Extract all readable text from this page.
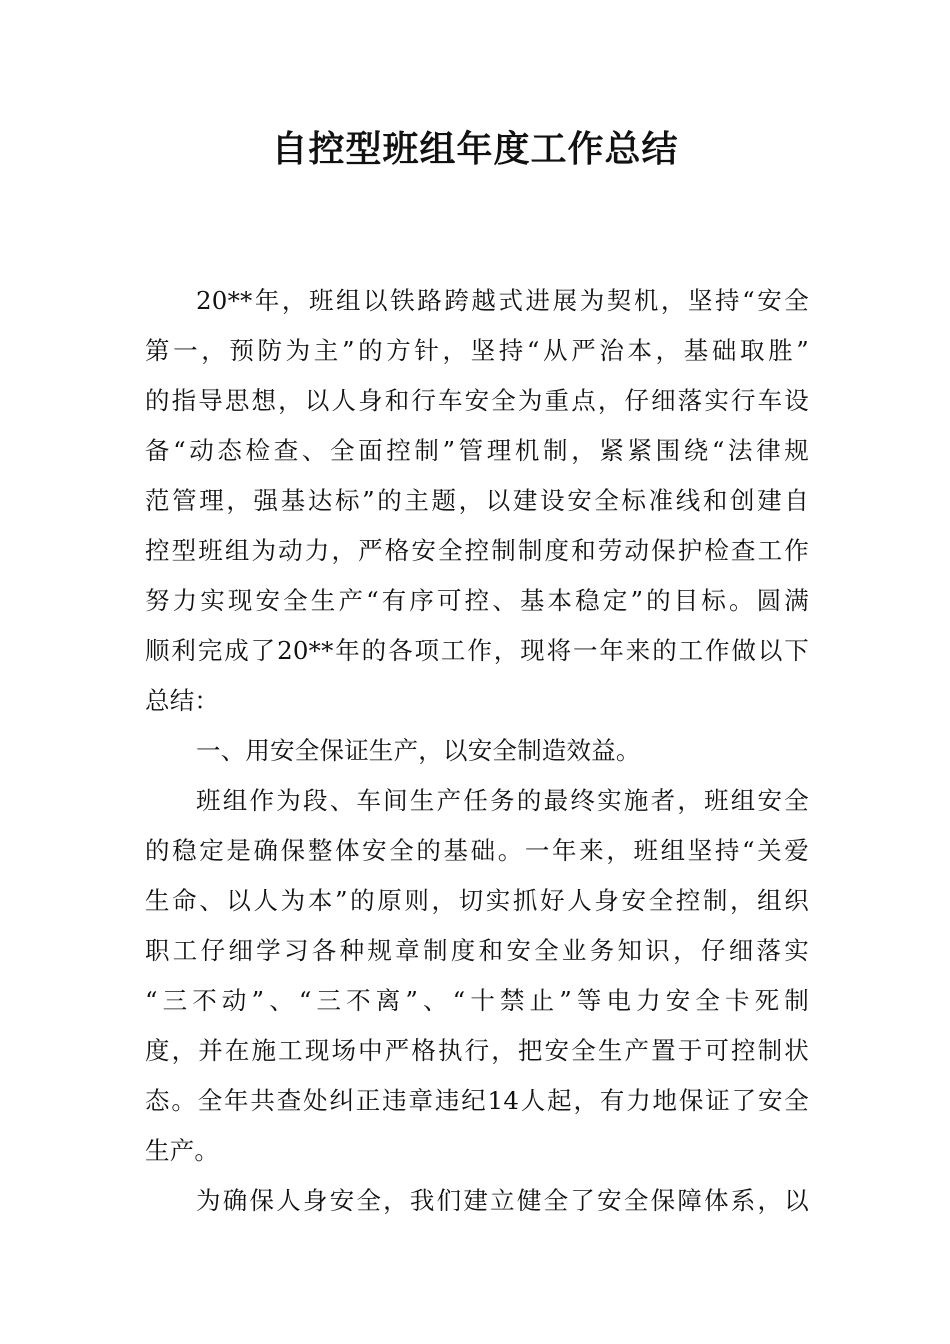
自控型班组年度工作总结
20**年，班组以铁路跨越式进展为契机，坚持“安全
第一，预防为主”的方针，坚持“从严治本，基础取胜”
的指导思想，以人身和行车安全为重点，仔细落实行车设
备“动态检查、全面控制”管理机制，紧紧围绕“法律规
范管理，强基达标”的主题，以建设安全标准线和创建自
控型班组为动力，严格安全控制制度和劳动保护检查工作
努力实现安全生产“有序可控、基本稳定”的目标。圆满
顺利完成了20**年的各项工作，现将一年来的工作做以下
总结：
一、用安全保证生产，以安全制造效益。
班组作为段、车间生产任务的最终实施者，班组安全
的稳定是确保整体安全的基础。一年来，班组坚持“关爱
生命、以人为本”的原则，切实抓好人身安全控制，组织
职工仔细学习各种规章制度和安全业务知识，仔细落实
“三不动”、“三不离”、“十禁止”等电力安全卡死制
度，并在施工现场中严格执行，把安全生产置于可控制状
态。全年共查处纠正违章违纪14人起，有力地保证了安全
生产。
为确保人身安全，我们建立健全了安全保障体系，以
